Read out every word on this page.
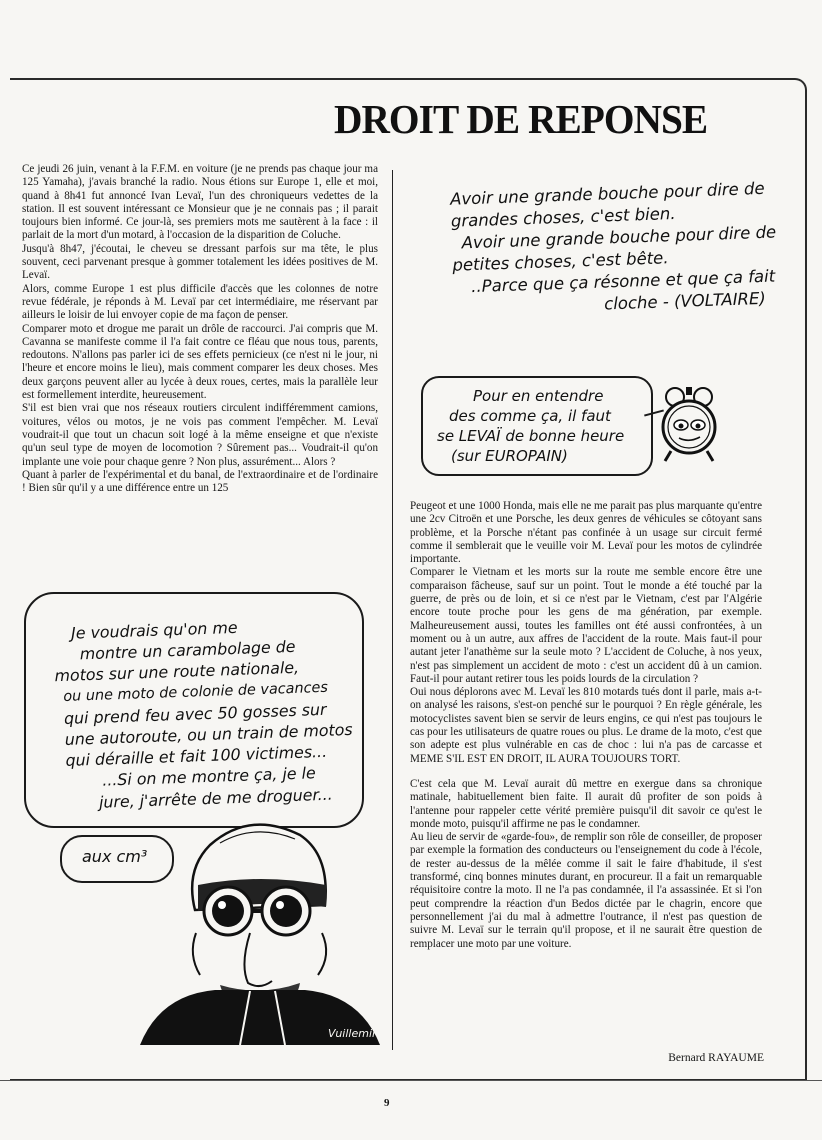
DROIT DE REPONSE

Ce jeudi 26 juin, venant à la F.F.M. en voiture (je ne prends pas chaque jour ma 125 Yamaha), j'avais branché la radio. Nous étions sur Europe 1, elle et moi, quand à 8h41 fut annoncé Ivan Levaï, l'un des chroniqueurs vedettes de la station. Il est souvent intéressant ce Monsieur que je ne connais pas ; il parait toujours bien informé. Ce jour-là, ses premiers mots me sautèrent à la face : il parlait de la mort d'un motard, à l'occasion de la disparition de Coluche.

Jusqu'à 8h47, j'écoutai, le cheveu se dressant parfois sur ma tête, le plus souvent, ceci parvenant presque à gommer totalement les idées positives de M. Levaï.

Alors, comme Europe 1 est plus difficile d'accès que les colonnes de notre revue fédérale, je réponds à M. Levaï par cet intermédiaire, me réservant par ailleurs le loisir de lui envoyer copie de ma façon de penser.

Comparer moto et drogue me parait un drôle de raccourci. J'ai compris que M. Cavanna se manifeste comme il l'a fait contre ce fléau que nous tous, parents, redoutons. N'allons pas parler ici de ses effets pernicieux (ce n'est ni le jour, ni l'heure et encore moins le lieu), mais comment comparer les deux choses. Mes deux garçons peuvent aller au lycée à deux roues, certes, mais la parallèle leur est formellement interdite, heureusement.

S'il est bien vrai que nos réseaux routiers circulent indifféremment camions, voitures, vélos ou motos, je ne vois pas comment l'empêcher. M. Levaï voudrait-il que tout un chacun soit logé à la même enseigne et que n'existe qu'un seul type de moyen de locomotion ? Sûrement pas... Voudrait-il qu'on implante une voie pour chaque genre ? Non plus, assurément... Alors ?

Quant à parler de l'expérimental et du banal, de l'extraordinaire et de l'ordinaire ! Bien sûr qu'il y a une différence entre un 125

Peugeot et une 1000 Honda, mais elle ne me parait pas plus marquante qu'entre une 2cv Citroën et une Porsche, les deux genres de véhicules se côtoyant sans problème, et la Porsche n'étant pas confinée à un usage sur circuit fermé comme il semblerait que le veuille voir M. Levaï pour les motos de cylindrée importante.

Comparer le Vietnam et les morts sur la route me semble encore être une comparaison fâcheuse, sauf sur un point. Tout le monde a été touché par la guerre, de près ou de loin, et si ce n'est par le Vietnam, c'est par l'Algérie encore toute proche pour les gens de ma génération, par exemple. Malheureusement aussi, toutes les familles ont été aussi confrontées, à un moment ou à un autre, aux affres de l'accident de la route. Mais faut-il pour autant jeter l'anathème sur la seule moto ? L'accident de Coluche, à nos yeux, n'est pas simplement un accident de moto : c'est un accident dû à un camion. Faut-il pour autant retirer tous les poids lourds de la circulation ?

Oui nous déplorons avec M. Levaï les 810 motards tués dont il parle, mais a-t-on analysé les raisons, s'est-on penché sur le pourquoi ? En règle générale, les motocyclistes savent bien se servir de leurs engins, ce qui n'est pas toujours le cas pour les utilisateurs de quatre roues ou plus. Le drame de la moto, c'est que son adepte est plus vulnérable en cas de choc : lui n'a pas de carcasse et MEME S'IL EST EN DROIT, IL AURA TOUJOURS TORT.

C'est cela que M. Levaï aurait dû mettre en exergue dans sa chronique matinale, habituellement bien faite. Il aurait dû profiter de son poids à l'antenne pour rappeler cette vérité première puisqu'il dit savoir ce qu'est le monde moto, puisqu'il affirme ne pas le condamner.

Au lieu de servir de «garde-fou», de remplir son rôle de conseiller, de proposer par exemple la formation des conducteurs ou l'enseignement du code à l'école, de rester au-dessus de la mêlée comme il sait le faire d'habitude, il s'est transformé, cinq bonnes minutes durant, en procureur. Il a fait un remarquable réquisitoire contre la moto. Il ne l'a pas condamnée, il l'a assassinée. Et si l'on peut comprendre la réaction d'un Bedos dictée par le chagrin, encore que personnellement j'ai du mal à admettre l'outrance, il n'est pas question de suivre M. Levaï sur le terrain qu'il propose, et il ne saurait être question de remplacer une moto par une voiture.

Bernard RAYAUME

Avoir une grande bouche pour dire de
grandes choses, c'est bien.
Avoir une grande bouche pour dire de
petites choses, c'est bête.
..Parce que ça résonne et que ça fait
cloche - (VOLTAIRE)
Pour en entendre
des comme ça, il faut
se LEVAÏ de bonne heure
(sur EUROPAIN)
Je voudrais qu'on me
montre un carambolage de
motos sur une route nationale,
ou une moto de colonie de vacances
qui prend feu avec 50 gosses sur
une autoroute, ou un train de motos
qui déraille et fait 100 victimes...
...Si on me montre ça, je le
jure, j'arrête de me droguer...
Vuillemin
aux cm³

9
